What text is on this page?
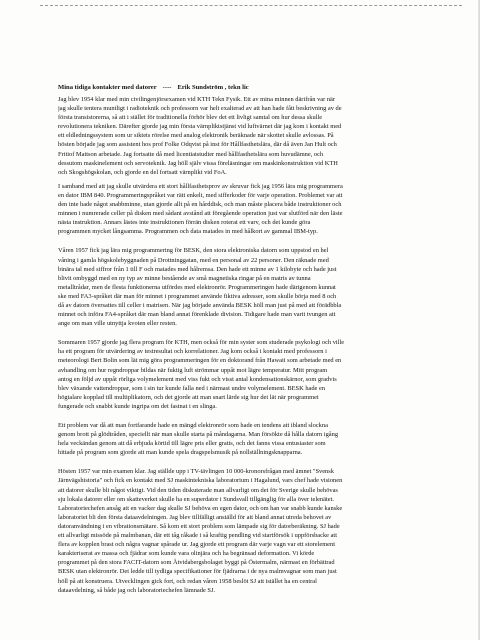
Mina tidiga kontakter med datorer ---- Erik Sundström , tekn lic
Jag blev 1954 klar med min civilingenjörsexamen vid KTH Tekn Fysik. Ett av mina minnen därifrån var när
jag skulle tentera muntligt i radioteknik och professorn var helt exalterad av att han hade fått beskrivning av de
första transistorerna, så att i stället för traditionella förhör blev det ett livligt samtal om hur dessa skulle
revolutionera tekniken. Därefter gjorde jag min första värnpliktstjänst vid luftvärnet där jag kom i kontakt med
ett eldledningssystem som ur siktets rörelse med analog elektronik beräknade när skottet skulle avlossas. På
hösten började jag som assistent hos prof Folke Odqvist på inst för Hållfasthetslära, där då även Jan Hult och
Fritiof Mattson arbetade. Jag fortsatte då med licentiatstudier med hållfasthetslära som huvudämne, och
dessutom maskinelement och servoteknik. Jag höll själv vissa föreläsningar om maskinkonstruktion vid KTH
och Skogshögskolan, och gjorde en del fortsatt värnplikt vid FoA.
I samband med att jag skulle utvärdera ett stort hållfasthetsprov av skruvar fick jag 1956 lära mig programmera
en dator IBM 840. Programmeringspråket var rätt enkelt, med sifferkoder för varje operation. Problemet var att
den inte hade något snabbminne, utan gjorde allt på en hårddisk, och man måste placera både instruktioner och
minnen i numrerade celler på disken med sådant avstånd att föregående operation just var slutförd när den läste
nästa instruktion. Annars lästes inte instruktionen förrän disken roterat ett varv, och det kunde göra
programmen mycket långsamma. Programmen och data matades in med hålkort av gammal IBM-typ.
Våren 1957 fick jag lära mig programmering för BESK, den stora elektroniska datorn som uppstod en hel
våning i gamla högskolebyggnaden på Drottninggatan, med en personal av 22 personer. Den räknade med
binära tal med siffror från 1 till F och matades med hålremsa. Den hade ett minne av 1 kilobyte och hade just
blivit ombyggd med en ny typ av minne bestående av små magnetiska ringar på en matris av tunna
metalltrådar, men de flesta funktionerna utfördes med elektronrör. Programmeringen hade därigenom kunnat
ske med FA3-språket där man för minnet i programmet använde fiktiva adresser, som skulle börja med 8 och
då av datorn översattes till celler i matrisen. När jag började använda BESK höll man just på med att förädbbla
minnet och införa FA4-språket där man bland annat förenklade division. Tidigare hade man varit tvungen att
ange om man ville utnyttja kvoten eller resten.
Sommaren 1957 gjorde jag flera program för KTH, men också för min syster som studerade psykologi och ville
ha ett program för utvärdering av testresultat och korrelationer. Jag kom också i kontakt med professorn i
meteorologi Bert Bolin som lät mig göra programmeringen för en doktorand från Hawaii som arbetade med en
avhandling om hur regndroppar bildas när fuktig luft strömmar uppåt mot lägre temperatur. Mitt program
antog en följd av uppåt rörliga volymelement med viss fukt och visst antal kondensationskärnor, som gradvis
blev växande vattendroppar, som i sin tur kunde falla ned i närmast undre volymelement. BESK hade en
högtalare kopplad till multiplikatorn, och det gjorde att man snart lärde sig hur det lät när programmet
fungerade och snabbt kunde ingripa om det fastnat i en slinga.
Ett problem var då att man fortfarande hade en mängd elektronrör som hade en tendens att ibland slockna
genom brott på glödtråden, speciellt när man skulle starta på måndagarna. Man försökte då hålla datorn igång
hela veckändan genom att då erbjuda körtid till lägre pris eller gratis, och det fanns vissa entusiaster som
hittade på program som gjorde att man kunde spela dragspelsmusik på nollställningsknapparna.
Hösten 1957 var min examen klar. Jag ställde upp i TV-tävlingen 10 000-kronorsfrågan med ämnet "Svensk
Järnvägshistoria" och fick en kontakt med SJ maskintekniska laboratorium i Hagalund, vars chef hade visionen
att datorer skulle bli något viktigt. Vid den tiden diskuterade man allvarligt om det för Sverige skulle behövas
sju lokala datorer eller om skatteverket skulle ha en superdator i Sundsvall tillgänglig för alla över telenätet.
Laboratoriechefen ansåg att en vacker dag skulle SJ behöva en egen dator, och om han var snabb kunde kanske
laboratoriet bli den första dataavdelningen. Jag blev tillfälligt anställd för att bland annat utreda behovet av
datoranvändning i en vibrationsmätare. Så kom ett stort problem som lämpade sig för datorberäkning. SJ hade
ett allvarligt missöde på malmbanan, där ett tåg råkade i så kraftig pendling vid startförsök i uppförsbacke att
flera av kopplen brast och några vagnar spårade ur. Jag gjorde ett program där varje vagn var ett storelement
karakteriserat av massa och fjädrar som kunde vara olinjära och ha begränsad deformation. Vi körde
programmet på den stora FACIT-datorn som Åtvidabergsbolaget byggt på Östermalm, närmast en förbättrad
BESK utan elektronrör. Det ledde till tydliga specifikationer för fjädrarna i de nya malmvagnar som man just
höll på att konstruera. Utvecklingen gick fort, och redan våren 1958 beslöt SJ att istället ha en central
dataavdelning, så både jag och laboratoriechefen lämnade SJ.
